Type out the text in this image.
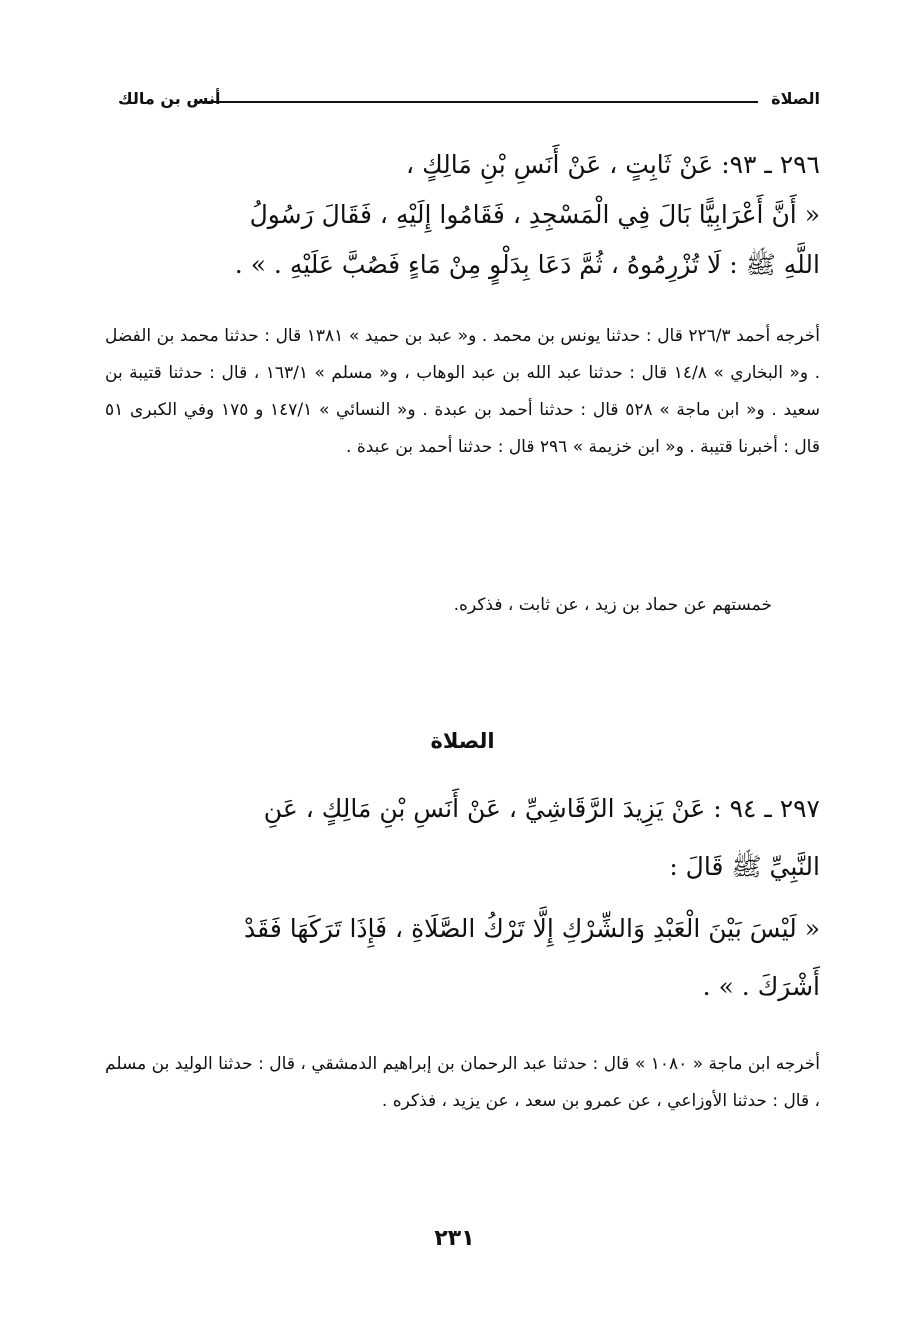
الصلاة
أنس بن مالك

٢٩٦ ـ ٩٣: عَنْ ثَابِتٍ ، عَنْ أَنَسِ بْنِ مَالِكٍ ،

« أَنَّ أَعْرَابِيًّا بَالَ فِي الْمَسْجِدِ ، فَقَامُوا إِلَيْهِ ، فَقَالَ رَسُولُ

اللَّهِ ﷺ : لَا تُزْرِمُوهُ ، ثُمَّ دَعَا بِدَلْوٍ مِنْ مَاءٍ فَصُبَّ عَلَيْهِ . » .

أخرجه أحمد ٢٢٦/٣ قال : حدثنا يونس بن محمد . و« عبد بن حميد » ١٣٨١ قال : حدثنا محمد بن الفضل . و« البخاري » ١٤/٨ قال : حدثنا عبد الله بن عبد الوهاب ، و« مسلم » ١٦٣/١ ، قال : حدثنا قتيبة بن سعيد . و« ابن ماجة » ٥٢٨ قال : حدثنا أحمد بن عبدة . و« النسائي » ١٤٧/١ و ١٧٥ وفي الكبرى ٥١ قال : أخبرنا قتيبة . و« ابن خزيمة » ٢٩٦ قال : حدثنا أحمد بن عبدة .

خمستهم عن حماد بن زيد ، عن ثابت ، فذكره.

الصلاة

٢٩٧ ـ ٩٤ : عَنْ يَزِيدَ الرَّقَاشِيِّ ، عَنْ أَنَسِ بْنِ مَالِكٍ ، عَنِ

النَّبِيِّ ﷺ قَالَ :

« لَيْسَ بَيْنَ الْعَبْدِ وَالشِّرْكِ إِلَّا تَرْكُ الصَّلَاةِ ، فَإِذَا تَرَكَهَا فَقَدْ

أَشْرَكَ . » .

أخرجه ابن ماجة « ١٠٨٠ » قال : حدثنا عبد الرحمان بن إبراهيم الدمشقي ، قال : حدثنا الوليد بن مسلم ، قال : حدثنا الأوزاعي ، عن عمرو بن سعد ، عن يزيد ، فذكره .

٢٣١
